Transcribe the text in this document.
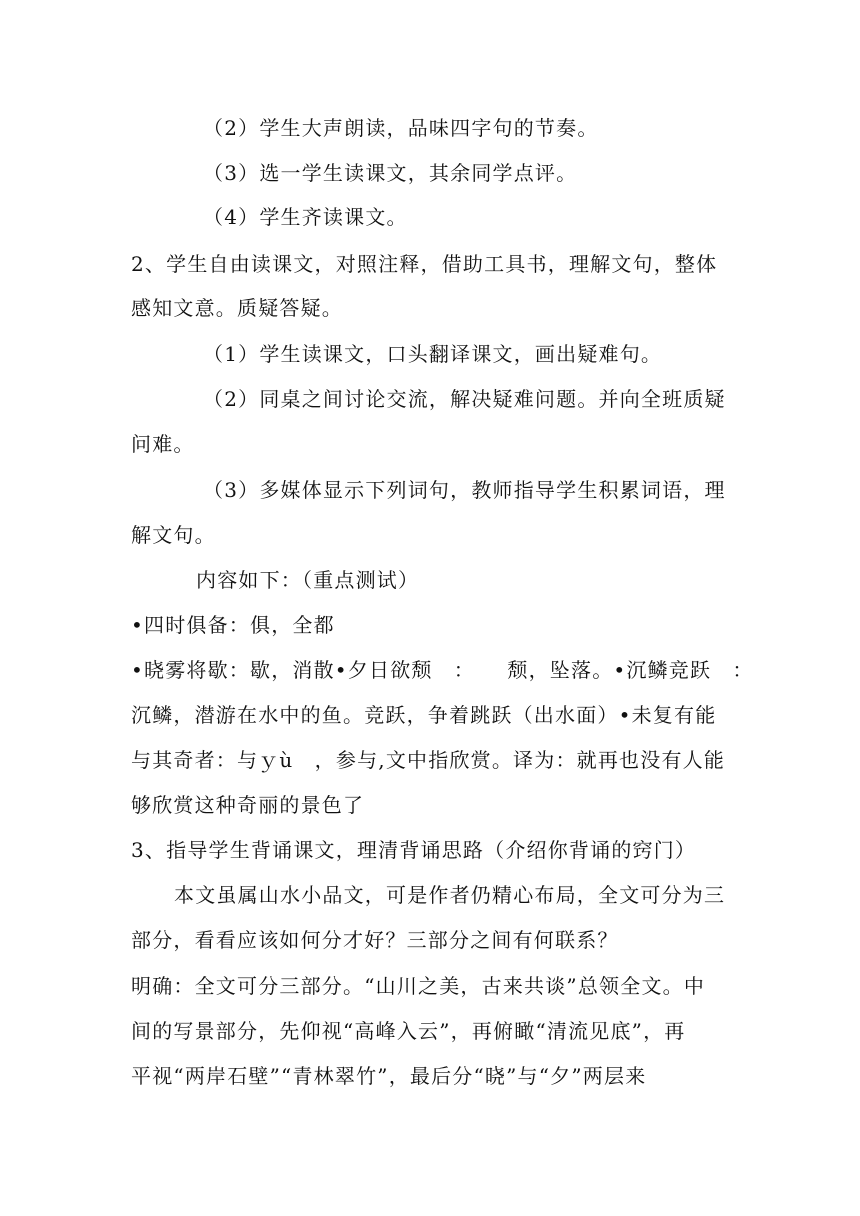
（2）学生大声朗读，品味四字句的节奏。
（3）选一学生读课文，其余同学点评。
（4）学生齐读课文。
2、学生自由读课文，对照注释，借助工具书，理解文句，整体
感知文意。质疑答疑。
（1）学生读课文，口头翻译课文，画出疑难句。
（2）同桌之间讨论交流，解决疑难问题。并向全班质疑
问难。
（3）多媒体显示下列词句，教师指导学生积累词语，理
解文句。
内容如下：（重点测试）
•四时俱备：俱，全都
•晓雾将歇：歇，消散•夕日欲颓　：　　颓，坠落。•沉鳞竞跃　：
沉鳞，潜游在水中的鱼。竞跃，争着跳跃（出水面）•未复有能
与其奇者：与ｙù　，参与,文中指欣赏。译为：就再也没有人能
够欣赏这种奇丽的景色了
3、指导学生背诵课文，理清背诵思路（介绍你背诵的窍门）
本文虽属山水小品文，可是作者仍精心布局，全文可分为三
部分，看看应该如何分才好？三部分之间有何联系？
明确：全文可分三部分。“山川之美，古来共谈”总领全文。中
间的写景部分，先仰视“高峰入云”，再俯瞰“清流见底”，再
平视“两岸石壁”“青林翠竹”，最后分“晓”与“夕”两层来
